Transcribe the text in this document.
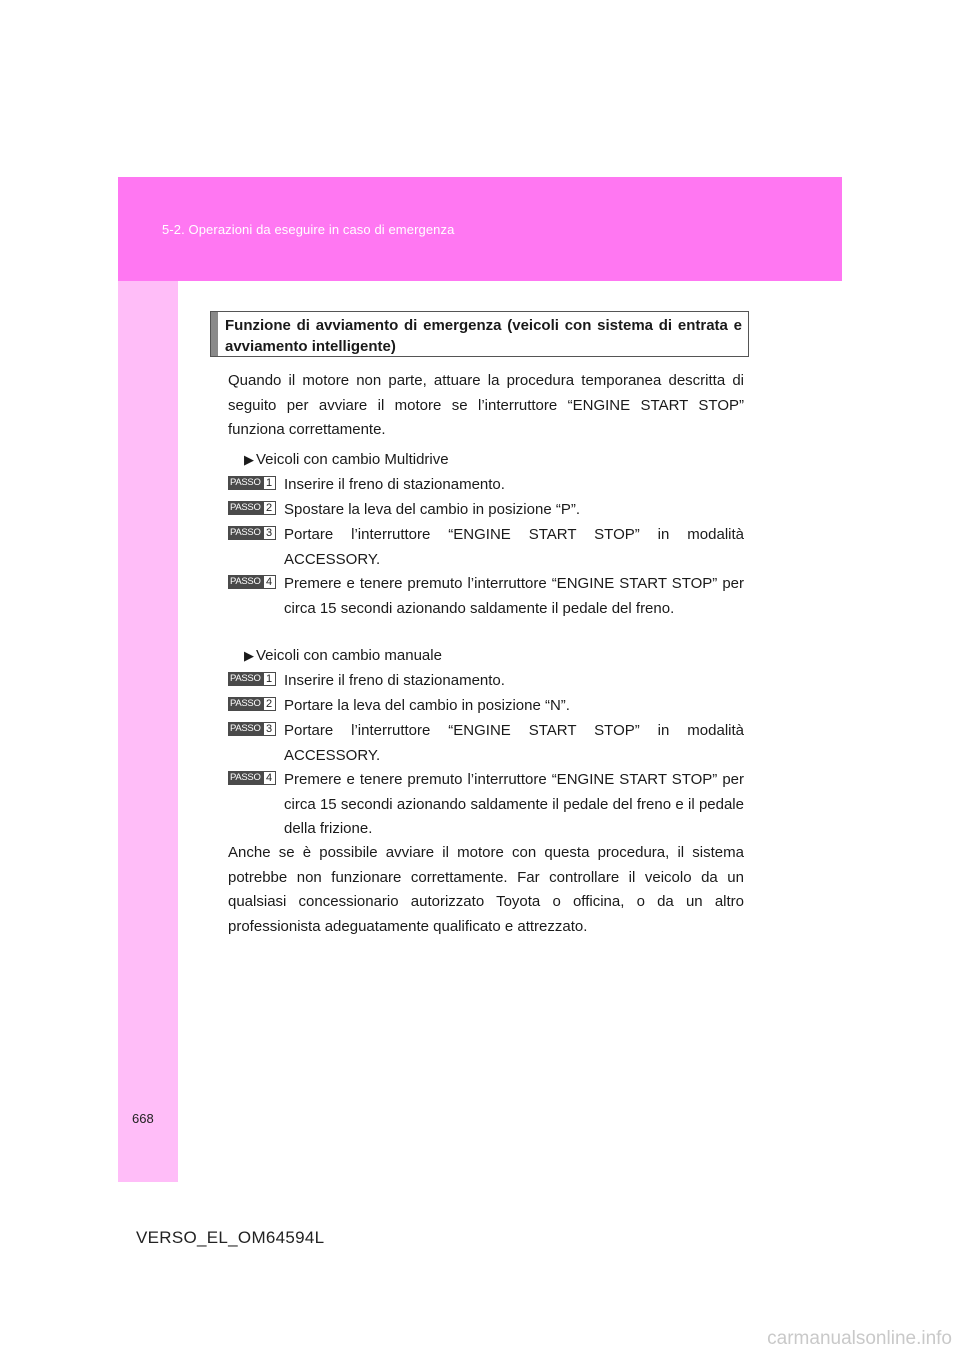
5-2. Operazioni da eseguire in caso di emergenza
Funzione di avviamento di emergenza (veicoli con sistema di entrata e avviamento intelligente)
Quando il motore non parte, attuare la procedura temporanea descritta di seguito per avviare il motore se l’interruttore “ENGINE START STOP” funziona correttamente.
▶ Veicoli con cambio Multidrive
PASSO 1 Inserire il freno di stazionamento.
PASSO 2 Spostare la leva del cambio in posizione “P”.
PASSO 3 Portare l’interruttore “ENGINE START STOP” in modalità ACCESSORY.
PASSO 4 Premere e tenere premuto l’interruttore “ENGINE START STOP” per circa 15 secondi azionando saldamente il pedale del freno.
▶ Veicoli con cambio manuale
PASSO 1 Inserire il freno di stazionamento.
PASSO 2 Portare la leva del cambio in posizione “N”.
PASSO 3 Portare l’interruttore “ENGINE START STOP” in modalità ACCESSORY.
PASSO 4 Premere e tenere premuto l’interruttore “ENGINE START STOP” per circa 15 secondi azionando saldamente il pedale del freno e il pedale della frizione.
Anche se è possibile avviare il motore con questa procedura, il sistema potrebbe non funzionare correttamente. Far controllare il veicolo da un qualsiasi concessionario autorizzato Toyota o officina, o da un altro professionista adeguatamente qualificato e attrezzato.
668
VERSO_EL_OM64594L
carmanualsonline.info
